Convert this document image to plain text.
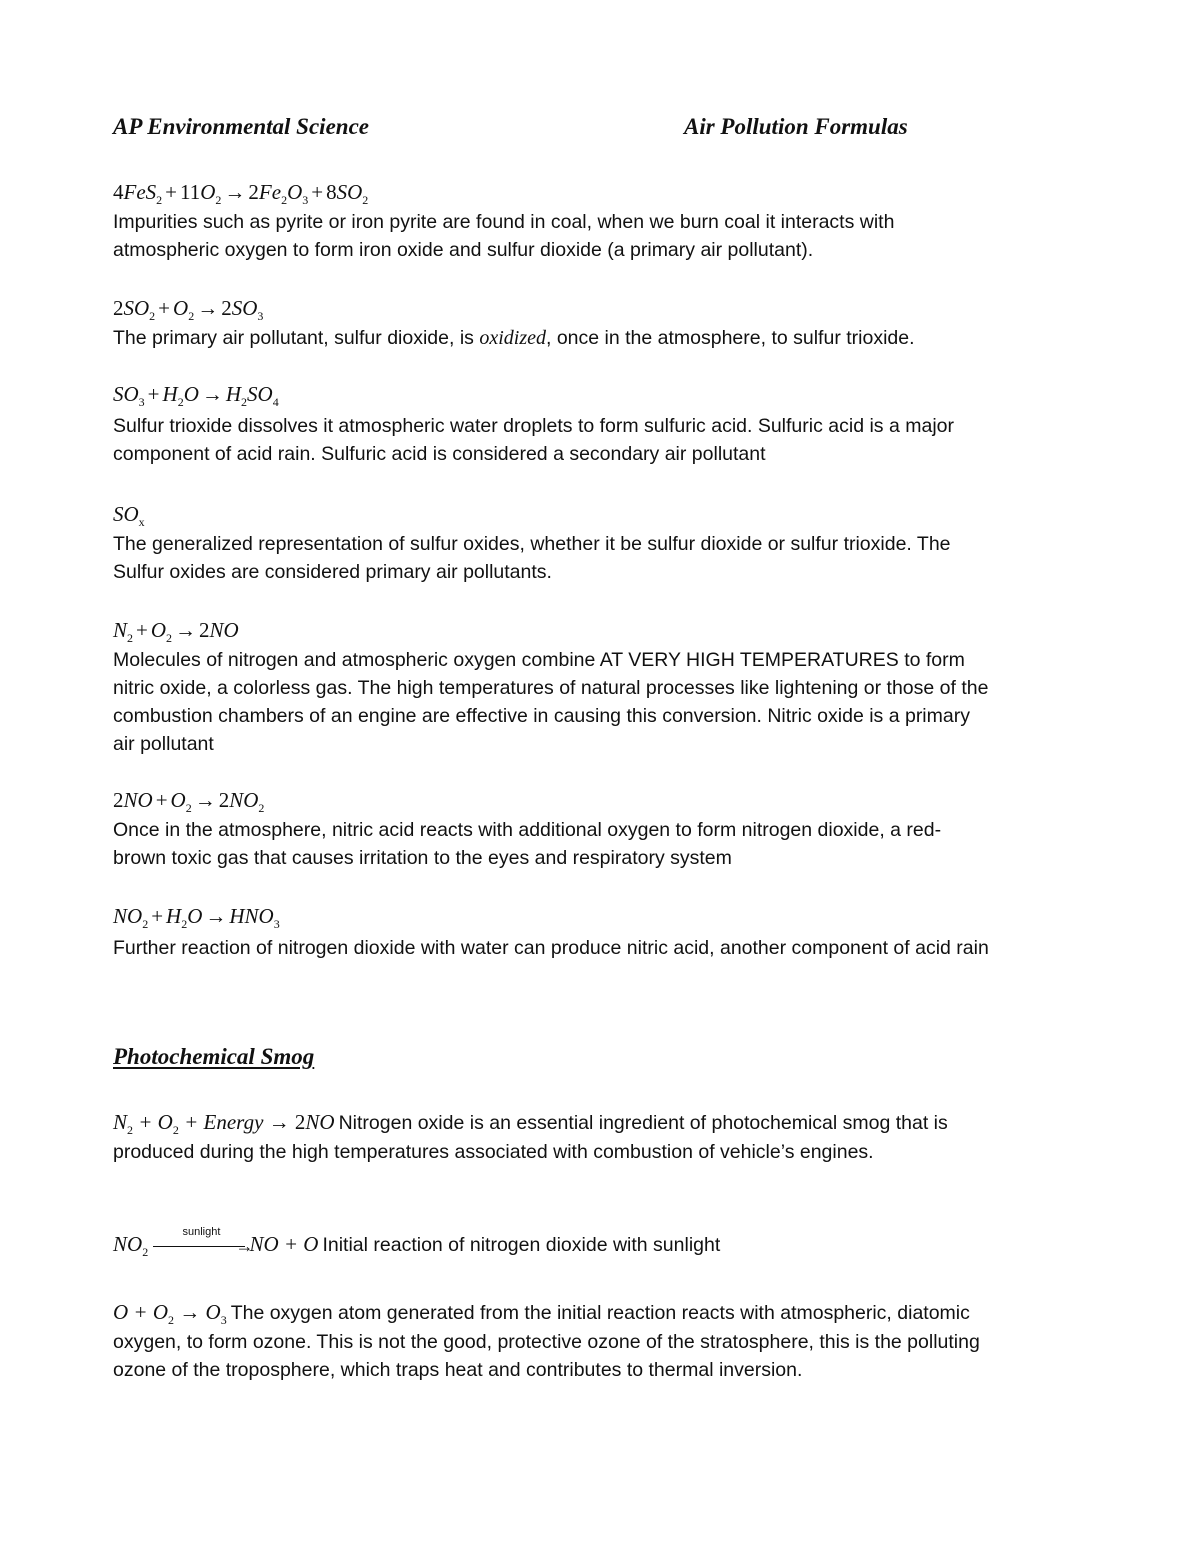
AP Environmental Science	Air Pollution Formulas
$4FeS_2 + 11O_2 \to 2Fe_2O_3 + 8SO_2$
Impurities such as pyrite or iron pyrite are found in coal, when we burn coal it interacts with
atmospheric oxygen to form iron oxide and sulfur dioxide (a primary air pollutant).
$2SO_2 + O_2 \to 2SO_3$
The primary air pollutant, sulfur dioxide, is oxidized, once in the atmosphere, to sulfur trioxide.
$SO_3 + H_2O \to H_2SO_4$
Sulfur trioxide dissolves it atmospheric water droplets to form sulfuric acid. Sulfuric acid is a major
component of acid rain. Sulfuric acid is considered a secondary air pollutant
$SO_x$
The generalized representation of sulfur oxides, whether it be sulfur dioxide or sulfur trioxide. The
Sulfur oxides are considered primary air pollutants.
$N_2 + O_2 \to 2NO$
Molecules of nitrogen and atmospheric oxygen combine AT VERY HIGH TEMPERATURES to form
nitric oxide, a colorless gas. The high temperatures of natural processes like lightening or those of the
combustion chambers of an engine are effective in causing this conversion. Nitric oxide is a primary
air pollutant
$2NO + O_2 \to 2NO_2$
Once in the atmosphere, nitric acid reacts with additional oxygen to form nitrogen dioxide, a red-
brown toxic gas that causes irritation to the eyes and respiratory system
$NO_2 + H_2O \to HNO_3$
Further reaction of nitrogen dioxide with water can produce nitric acid, another component of acid rain
Photochemical Smog
$N_2 + O_2$ + Energy → 2NO Nitrogen oxide is an essential ingredient of photochemical smog that is
produced during the high temperatures associated with combustion of vehicle’s engines.
$NO_2$
sunlight
→
NO + O Initial reaction of nitrogen dioxide with sunlight
$O + O_2 \to O_3$ The oxygen atom generated from the initial reaction reacts with atmospheric, diatomic
oxygen, to form ozone. This is not the good, protective ozone of the stratosphere, this is the polluting
ozone of the troposphere, which traps heat and contributes to thermal inversion.
